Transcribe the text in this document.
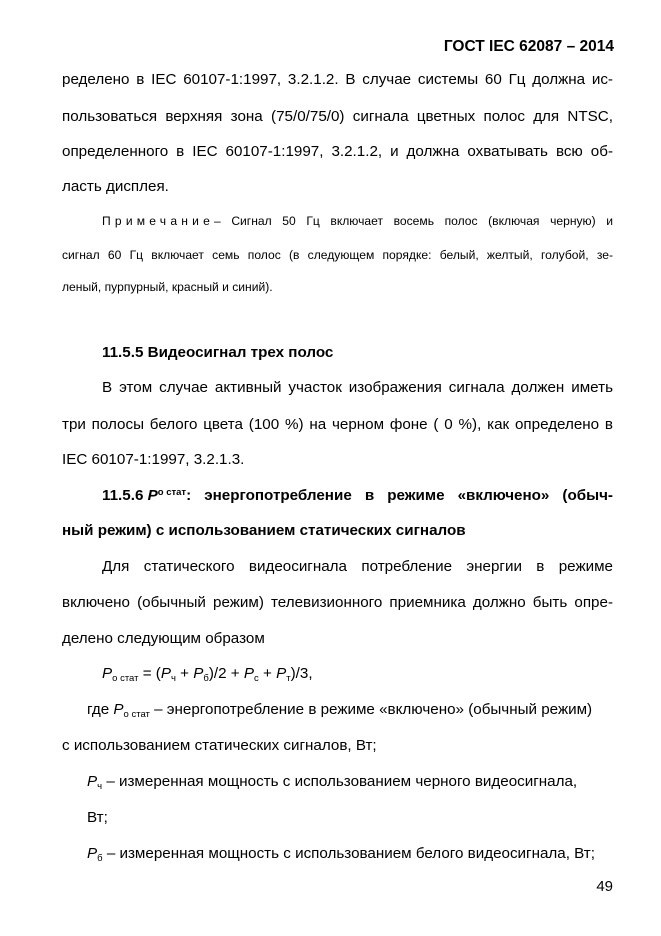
ГОСТ IEC 62087 – 2014
ределено в IEC 60107-1:1997, 3.2.1.2. В случае системы 60 Гц должна ис-
пользоваться верхняя зона (75/0/75/0) сигнала цветных полос для NTSC,
определенного в IEC 60107-1:1997, 3.2.1.2, и должна охватывать всю об-
ласть дисплея.
Примечание – Сигнал 50 Гц включает восемь полос (включая черную) и
сигнал 60 Гц включает семь полос (в следующем порядке: белый, желтый, голубой, зе-
леный, пурпурный, красный и синий).
11.5.5 Видеосигнал трех полос
В этом случае активный участок изображения сигнала должен иметь
три полосы белого цвета (100 %) на черном фоне ( 0 %), как определено в
IEC 60107-1:1997, 3.2.1.3.
11.5.6 P о стат : энергопотребление в режиме «включено» (обыч-
ный режим) с использованием статических сигналов
Для статического видеосигнала потребление энергии в режиме
включено (обычный режим) телевизионного приемника должно быть опре-
делено следующим образом
$P_{о стат} = (P_ч + P_б)/2 + P_с + P_т)/3$,
где $P_{о стат}$ – энергопотребление в режиме «включено» (обычный режим)
с использованием статических сигналов, Вт;
$P_ч$ – измеренная мощность с использованием черного видеосигнала,
Вт;
$P_б$ – измеренная мощность с использованием белого видеосигнала, Вт;
49
